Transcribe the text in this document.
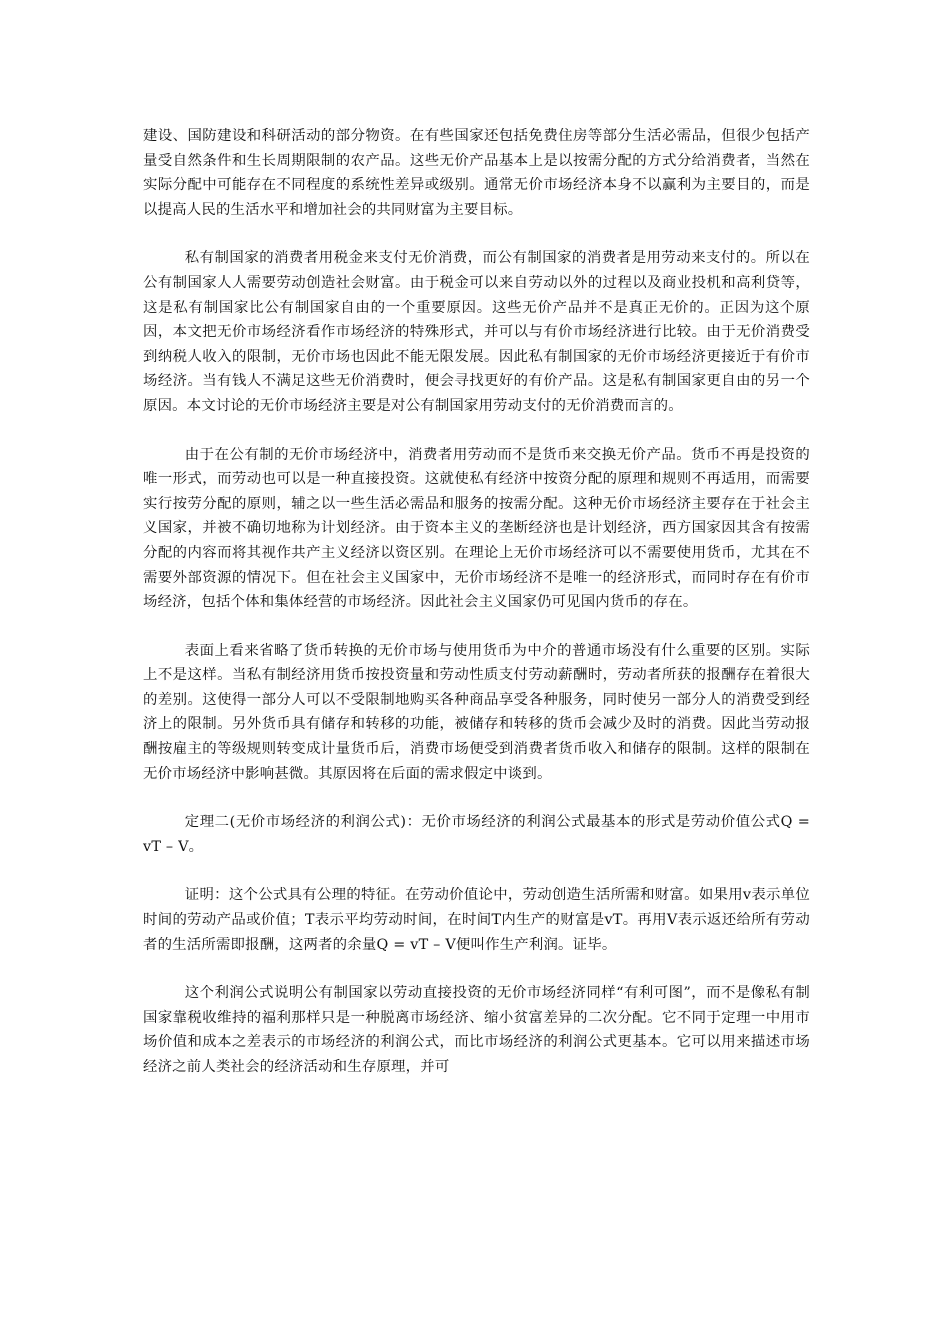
建设、国防建设和科研活动的部分物资。在有些国家还包括免费住房等部分生活必需品，但很少包括产量受自然条件和生长周期限制的农产品。这些无价产品基本上是以按需分配的方式分给消费者，当然在实际分配中可能存在不同程度的系统性差异或级别。通常无价市场经济本身不以赢利为主要目的，而是以提高人民的生活水平和增加社会的共同财富为主要目标。

私有制国家的消费者用税金来支付无价消费，而公有制国家的消费者是用劳动来支付的。所以在公有制国家人人需要劳动创造社会财富。由于税金可以来自劳动以外的过程以及商业投机和高利贷等，这是私有制国家比公有制国家自由的一个重要原因。这些无价产品并不是真正无价的。正因为这个原因，本文把无价市场经济看作市场经济的特殊形式，并可以与有价市场经济进行比较。由于无价消费受到纳税人收入的限制，无价市场也因此不能无限发展。因此私有制国家的无价市场经济更接近于有价市场经济。当有钱人不满足这些无价消费时，便会寻找更好的有价产品。这是私有制国家更自由的另一个原因。本文讨论的无价市场经济主要是对公有制国家用劳动支付的无价消费而言的。

由于在公有制的无价市场经济中，消费者用劳动而不是货币来交换无价产品。货币不再是投资的唯一形式，而劳动也可以是一种直接投资。这就使私有经济中按资分配的原理和规则不再适用，而需要实行按劳分配的原则，辅之以一些生活必需品和服务的按需分配。这种无价市场经济主要存在于社会主义国家，并被不确切地称为计划经济。由于资本主义的垄断经济也是计划经济，西方国家因其含有按需分配的内容而将其视作共产主义经济以资区别。在理论上无价市场经济可以不需要使用货币，尤其在不需要外部资源的情况下。但在社会主义国家中，无价市场经济不是唯一的经济形式，而同时存在有价市场经济，包括个体和集体经营的市场经济。因此社会主义国家仍可见国内货币的存在。

表面上看来省略了货币转换的无价市场与使用货币为中介的普通市场没有什么重要的区别。实际上不是这样。当私有制经济用货币按投资量和劳动性质支付劳动薪酬时，劳动者所获的报酬存在着很大的差别。这使得一部分人可以不受限制地购买各种商品享受各种服务，同时使另一部分人的消费受到经济上的限制。另外货币具有储存和转移的功能，被储存和转移的货币会减少及时的消费。因此当劳动报酬按雇主的等级规则转变成计量货币后，消费市场便受到消费者货币收入和储存的限制。这样的限制在无价市场经济中影响甚微。其原因将在后面的需求假定中谈到。

定理二(无价市场经济的利润公式)：无价市场经济的利润公式最基本的形式是劳动价值公式Q = vT – V。

证明：这个公式具有公理的特征。在劳动价值论中，劳动创造生活所需和财富。如果用v表示单位时间的劳动产品或价值；T表示平均劳动时间，在时间T内生产的财富是vT。再用V表示返还给所有劳动者的生活所需即报酬，这两者的余量Q = vT – V便叫作生产利润。证毕。

这个利润公式说明公有制国家以劳动直接投资的无价市场经济同样“有利可图”，而不是像私有制国家靠税收维持的福利那样只是一种脱离市场经济、缩小贫富差异的二次分配。它不同于定理一中用市场价值和成本之差表示的市场经济的利润公式，而比市场经济的利润公式更基本。它可以用来描述市场经济之前人类社会的经济活动和生存原理，并可
